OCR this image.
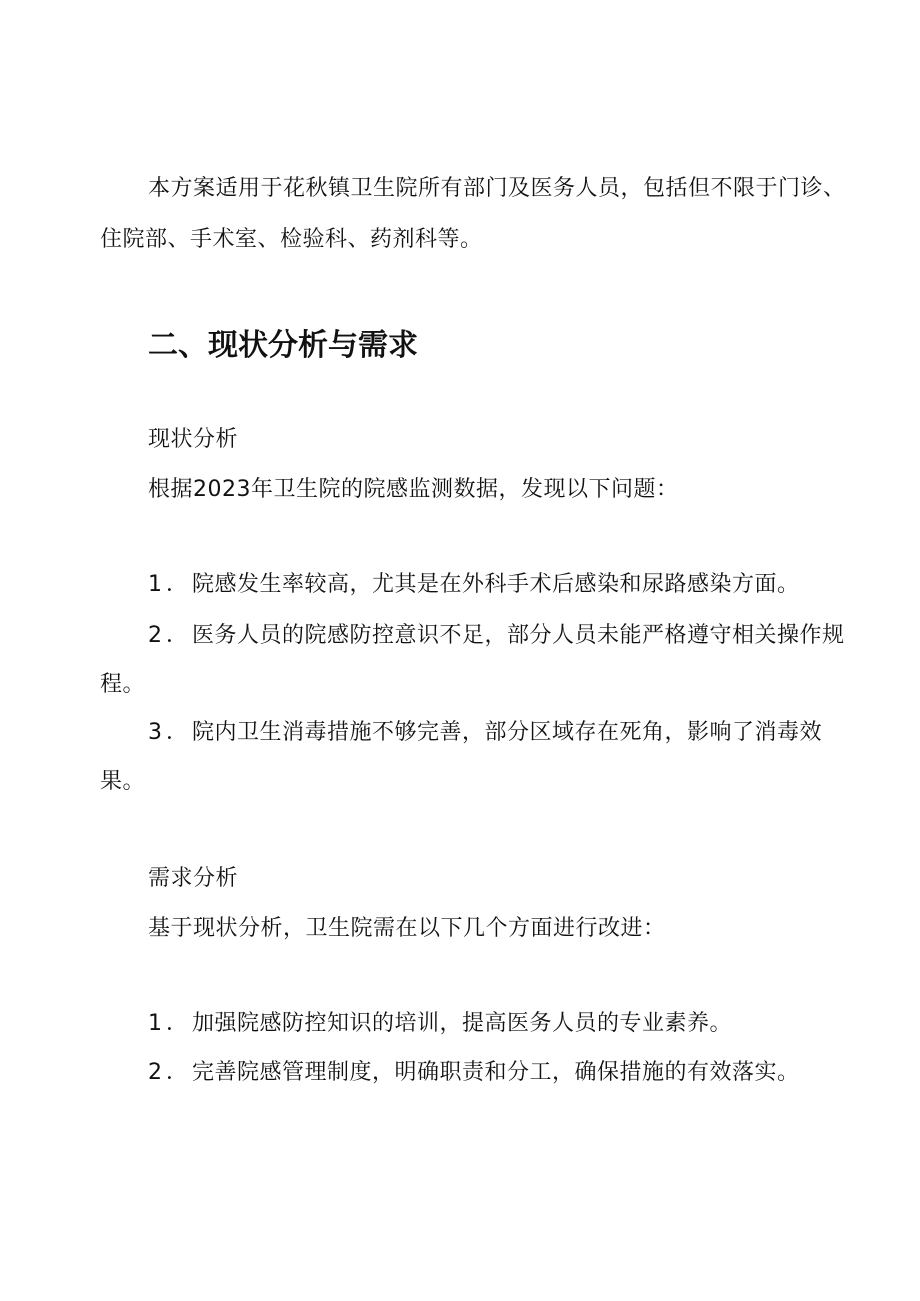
本方案适用于花秋镇卫生院所有部门及医务人员，包括但不限于门诊、
住院部、手术室、检验科、药剂科等。
二、现状分析与需求
现状分析
根据2023年卫生院的院感监测数据，发现以下问题：
1．院感发生率较高，尤其是在外科手术后感染和尿路感染方面。
2．医务人员的院感防控意识不足，部分人员未能严格遵守相关操作规
程。
3．院内卫生消毒措施不够完善，部分区域存在死角，影响了消毒效
果。
需求分析
基于现状分析，卫生院需在以下几个方面进行改进：
1．加强院感防控知识的培训，提高医务人员的专业素养。
2．完善院感管理制度，明确职责和分工，确保措施的有效落实。
